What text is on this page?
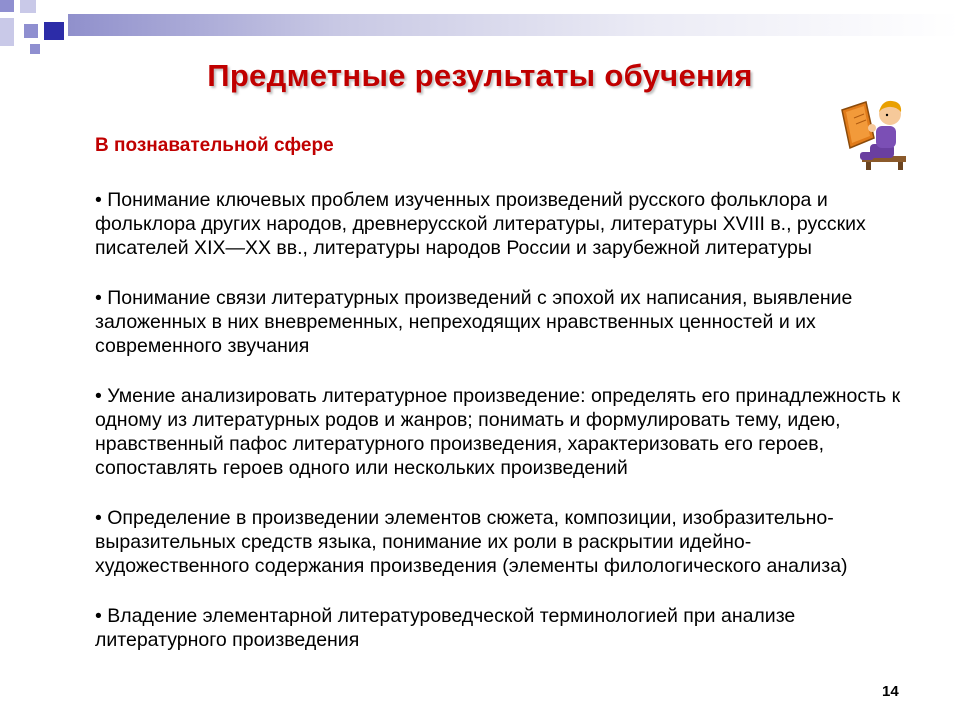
Предметные результаты обучения
В познавательной сфере

• Понимание ключевых проблем изученных произведений русского фольклора и фольклора других народов, древнерусской литературы, литературы XVIII в., русских писателей XIX—XX вв., литературы народов России и зарубежной литературы

• Понимание связи литературных произведений с эпохой их написания, выявление заложенных в них вневременных, непреходящих нравственных ценностей и их современного звучания

• Умение анализировать литературное произведение: определять его принадлежность к одному из литературных родов и жанров; понимать и формулировать тему, идею, нравственный пафос литературного произведения, характеризовать его героев, сопоставлять героев одного или нескольких произведений

• Определение в произведении элементов сюжета, композиции, изобразительно-выразительных средств языка, понимание их роли в раскрытии идейно-художественного содержания произведения (элементы филологического анализа)

• Владение элементарной литературоведческой терминологией при анализе литературного произведения

14
